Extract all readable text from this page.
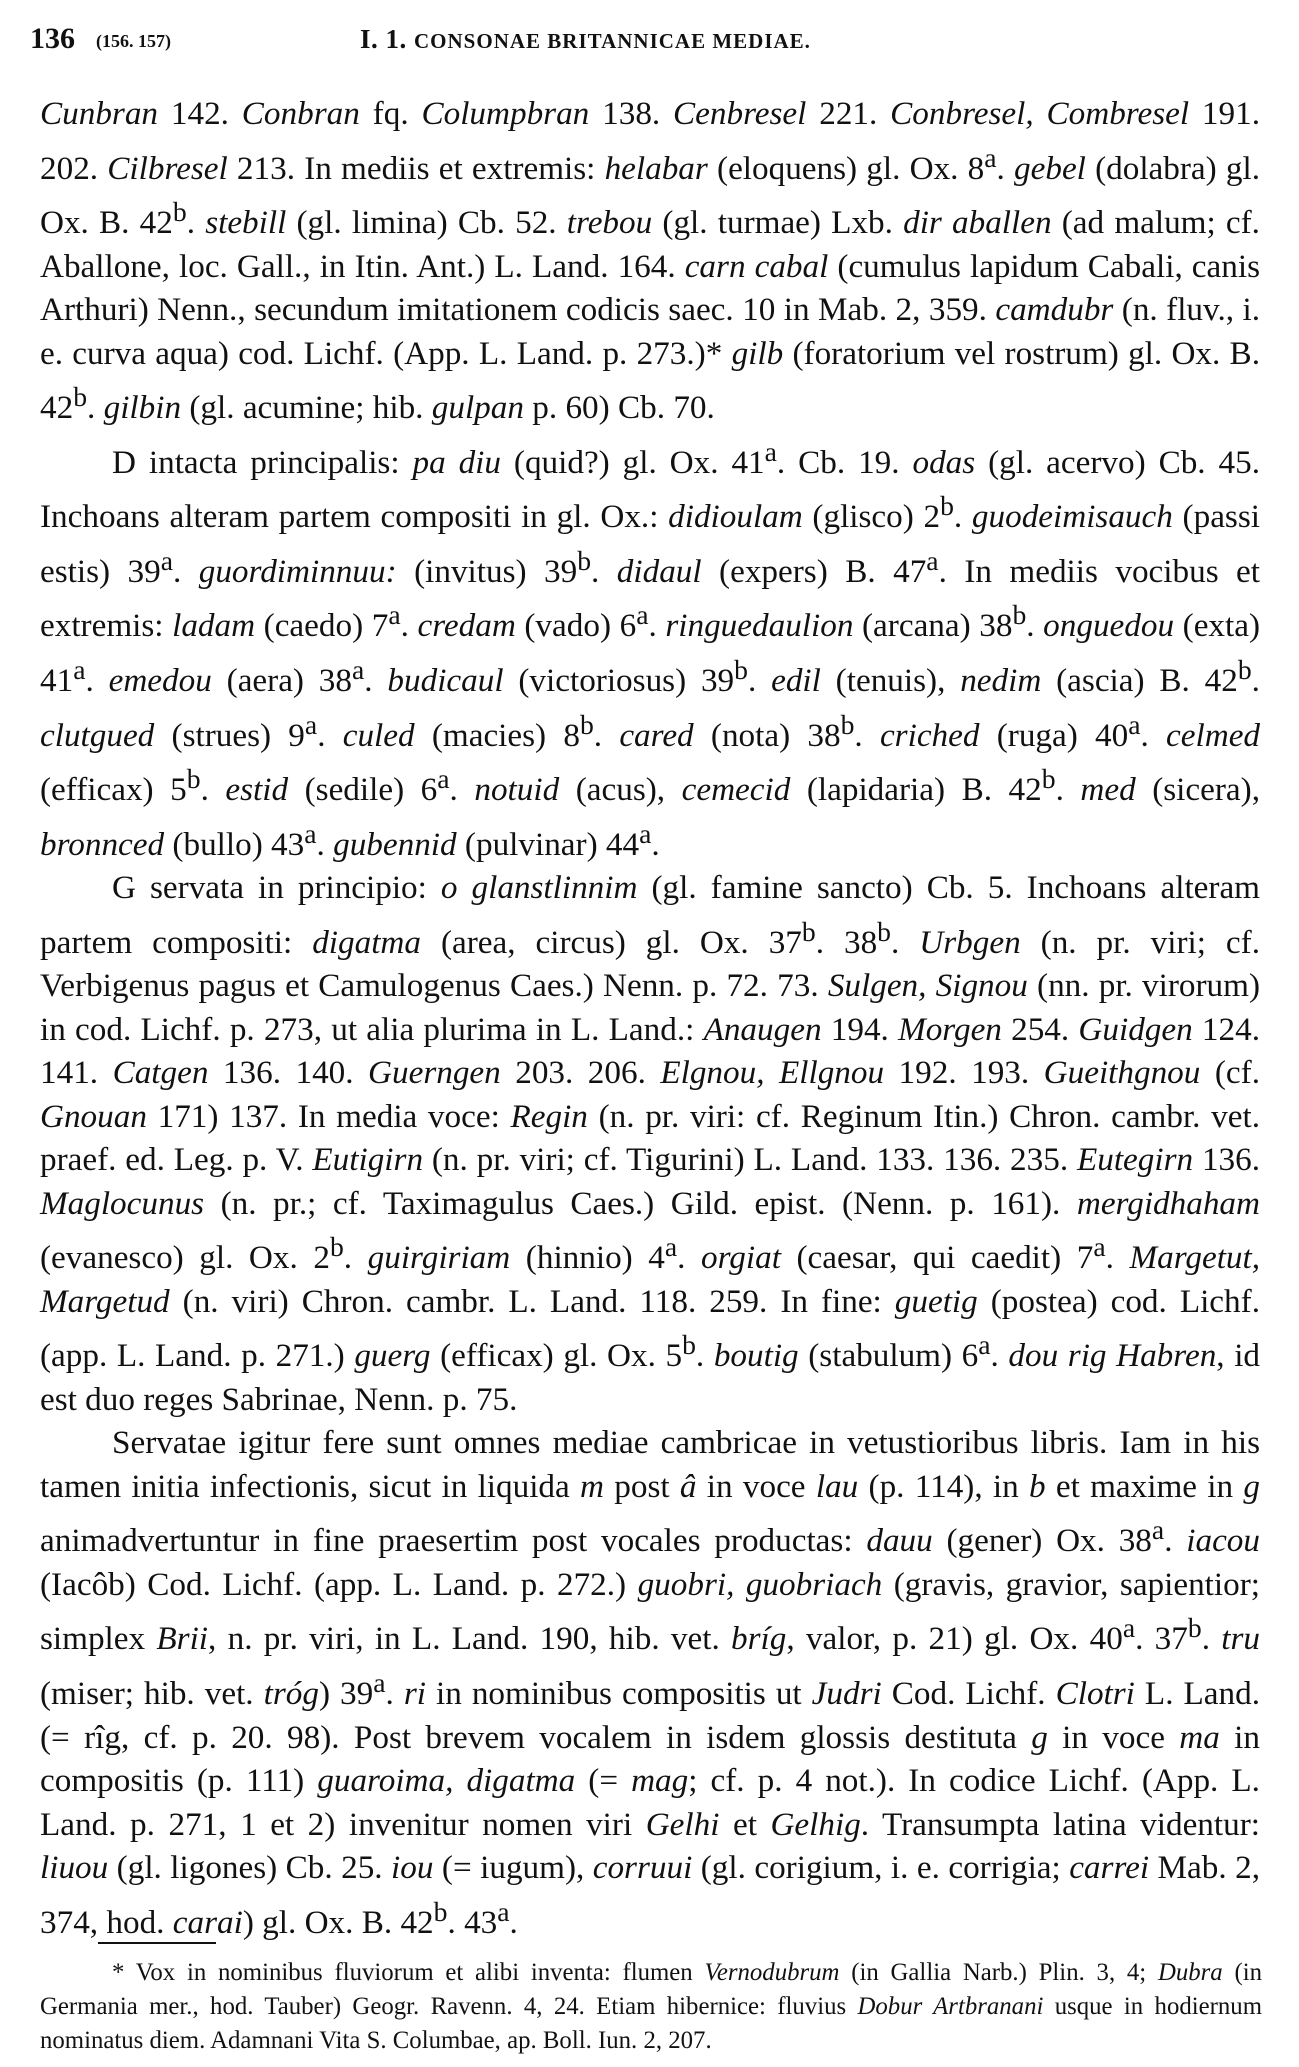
136 (156. 157)	I. 1. CONSONAE BRITANNICAE MEDIAE.

Cunbran 142. Conbran fq. Columpbran 138. Cenbresel 221. Conbresel, Combresel 191. 202. Cilbresel 213. In mediis et extremis: helabar (eloquens) gl. Ox. 8$^a$. gebel (dolabra) gl. Ox. B. 42$^b$. stebill (gl. limina) Cb. 52. trebou (gl. turmae) Lxb. dir aballen (ad malum; cf. Aballone, loc. Gall., in Itin. Ant.) L. Land. 164. carn cabal (cumulus lapidum Cabali, canis Arthuri) Nenn., secundum imitationem codicis saec. 10 in Mab. 2, 359. camdubr (n. fluv., i. e. curva aqua) cod. Lichf. (App. L. Land. p. 273.)* gilb (foratorium vel rostrum) gl. Ox. B. 42$^b$. gilbin (gl. acumine; hib. gulpan p. 60) Cb. 70.

D intacta principalis: pa diu (quid?) gl. Ox. 41$^a$. Cb. 19. odas (gl. acervo) Cb. 45. Inchoans alteram partem compositi in gl. Ox.: didioulam (glisco) 2$^b$. guodeimisauch (passi estis) 39$^a$. guordiminnuu: (invitus) 39$^b$. didaul (expers) B. 47$^a$. In mediis vocibus et extremis: ladam (caedo) 7$^a$. credam (vado) 6$^a$. ringuedaulion (arcana) 38$^b$. onguedou (exta) 41$^a$. emedou (aera) 38$^a$. budicaul (victoriosus) 39$^b$. edil (tenuis), nedim (ascia) B. 42$^b$. clutgued (strues) 9$^a$. culed (macies) 8$^b$. cared (nota) 38$^b$. criched (ruga) 40$^a$. celmed (efficax) 5$^b$. estid (sedile) 6$^a$. notuid (acus), cemecid (lapidaria) B. 42$^b$. med (sicera), bronnced (bullo) 43$^a$. gubennid (pulvinar) 44$^a$.

G servata in principio: o glanstlinnim (gl. famine sancto) Cb. 5. Inchoans alteram partem compositi: digatma (area, circus) gl. Ox. 37$^b$. 38$^b$. Urbgen (n. pr. viri; cf. Verbigenus pagus et Camulogenus Caes.) Nenn. p. 72. 73. Sulgen, Signou (nn. pr. virorum) in cod. Lichf. p. 273, ut alia plurima in L. Land.: Anaugen 194. Morgen 254. Guidgen 124. 141. Catgen 136. 140. Guerngen 203. 206. Elgnou, Ellgnou 192. 193. Gueithgnou (cf. Gnouan 171) 137. In media voce: Regin (n. pr. viri: cf. Reginum Itin.) Chron. cambr. vet. praef. ed. Leg. p. V. Eutigirn (n. pr. viri; cf. Tigurini) L. Land. 133. 136. 235. Eutegirn 136. Maglocunus (n. pr.; cf. Taximagulus Caes.) Gild. epist. (Nenn. p. 161). mergidhaham (evanesco) gl. Ox. 2$^b$. guirgiriam (hinnio) 4$^a$. orgiat (caesar, qui caedit) 7$^a$. Margetut, Margetud (n. viri) Chron. cambr. L. Land. 118. 259. In fine: guetig (postea) cod. Lichf. (app. L. Land. p. 271.) guerg (efficax) gl. Ox. 5$^b$. boutig (stabulum) 6$^a$. dou rig Habren, id est duo reges Sabrinae, Nenn. p. 75.

Servatae igitur fere sunt omnes mediae cambricae in vetustioribus libris. Iam in his tamen initia infectionis, sicut in liquida m post â in voce lau (p. 114), in b et maxime in g animadvertuntur in fine praesertim post vocales productas: dauu (gener) Ox. 38$^a$. iacou (Iacôb) Cod. Lichf. (app. L. Land. p. 272.) guobri, guobriach (gravis, gravior, sapientior; simplex Brii, n. pr. viri, in L. Land. 190, hib. vet. bríg, valor, p. 21) gl. Ox. 40$^a$. 37$^b$. tru (miser; hib. vet. tróg) 39$^a$. ri in nominibus compositis ut Judri Cod. Lichf. Clotri L. Land. (= rîg, cf. p. 20. 98). Post brevem vocalem in isdem glossis destituta g in voce ma in compositis (p. 111) guaroima, digatma (= mag; cf. p. 4 not.). In codice Lichf. (App. L. Land. p. 271, 1 et 2) invenitur nomen viri Gelhi et Gelhig. Transumpta latina videntur: liuou (gl. ligones) Cb. 25. iou (= iugum), corruui (gl. corigium, i. e. corrigia; carrei Mab. 2, 374, hod. carai) gl. Ox. B. 42$^b$. 43$^a$.

* Vox in nominibus fluviorum et alibi inventa: flumen Vernodubrum (in Gallia Narb.) Plin. 3, 4; Dubra (in Germania mer., hod. Tauber) Geogr. Ravenn. 4, 24. Etiam hibernice: fluvius Dobur Artbranani usque in hodiernum nominatus diem. Adamnani Vita S. Columbae, ap. Boll. Iun. 2, 207.
